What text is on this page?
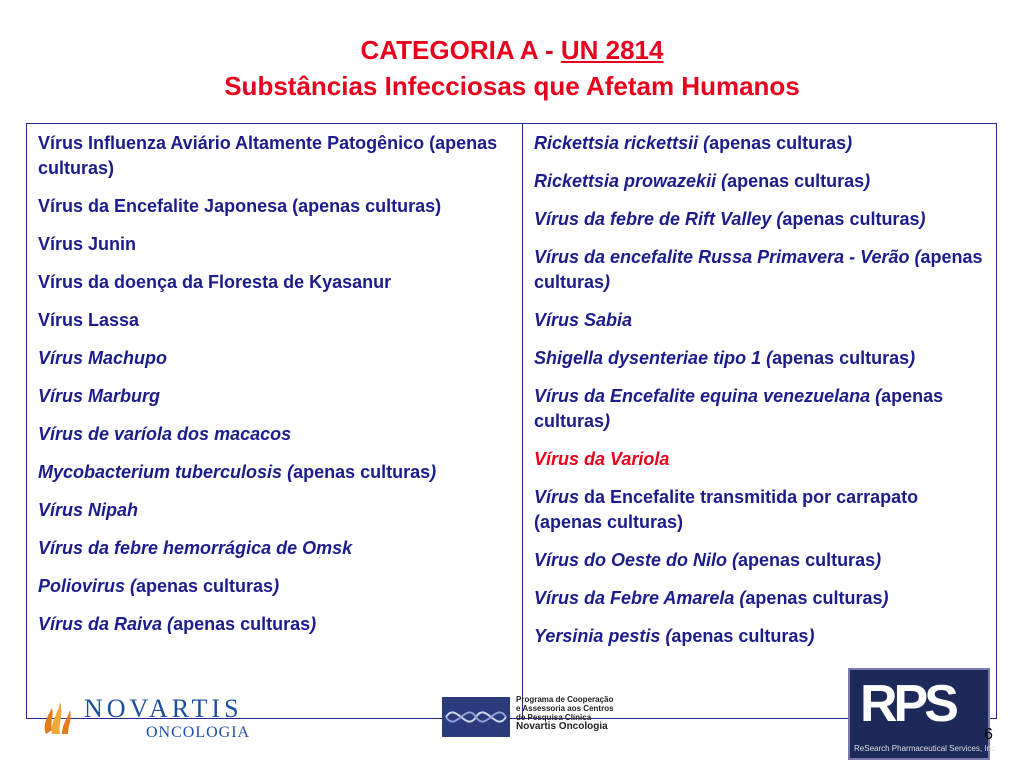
CATEGORIA A - UN 2814
Substâncias Infecciosas que Afetam Humanos
Vírus Influenza Aviário Altamente Patogênico (apenas culturas)
Vírus da Encefalite Japonesa (apenas culturas)
Vírus Junin
Vírus da doença da Floresta de Kyasanur
Vírus Lassa
Vírus Machupo
Vírus Marburg
Vírus de varíola dos macacos
Mycobacterium tuberculosis (apenas culturas)
Vírus Nipah
Vírus da febre hemorrágica de Omsk
Poliovirus (apenas culturas)
Vírus da Raiva (apenas culturas)
Rickettsia rickettsii (apenas culturas)
Rickettsia prowazekii (apenas culturas)
Vírus da febre de Rift Valley (apenas culturas)
Vírus da encefalite Russa Primavera - Verão (apenas culturas)
Vírus Sabia
Shigella dysenteriae tipo 1 (apenas culturas)
Vírus da Encefalite equina venezuelana (apenas culturas)
Vírus da Variola
Vírus da Encefalite transmitida por carrapato (apenas culturas)
Vírus do Oeste do Nilo (apenas culturas)
Vírus da Febre Amarela (apenas culturas)
Yersinia pestis (apenas culturas)
NOVARTIS
ONCOLOGIA
Programa de Cooperação
e Assessoria aos Centros
de Pesquisa Clínica
Novartis Oncologia	RPS
ReSearch Pharmaceutical Services, Inc
6
